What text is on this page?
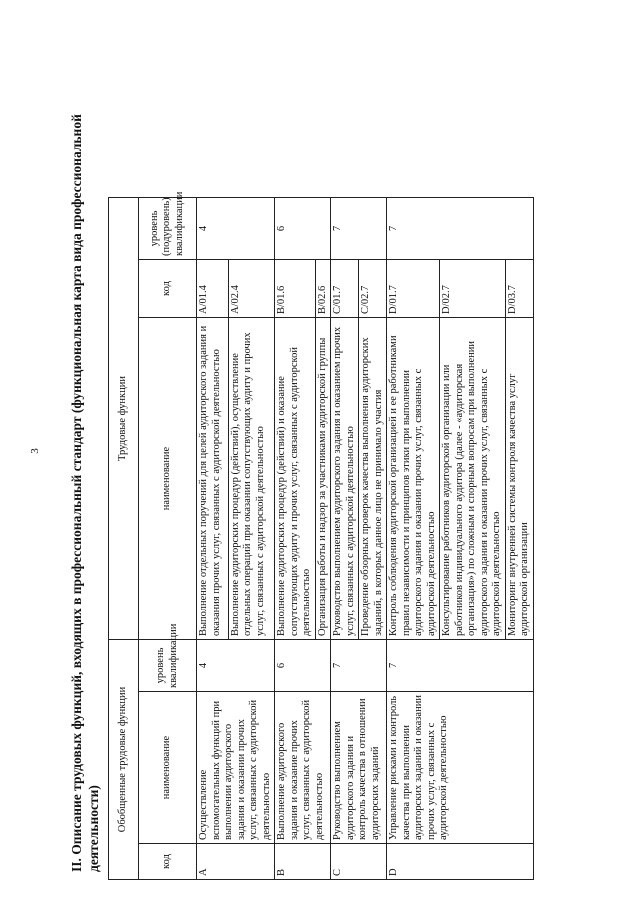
3 II. Описание трудовых функций, входящих в профессиональный стандарт (функциональная карта вида профессиональной деятельности) Обобщенные трудовые функции			Трудовые функции			
код	наименование	уровень квалификации	наименование	код	уровень (подуровень) квалификации	
A	Осуществление вспомогательных функций при выполнении аудиторского задания и оказании прочих услуг, связанных с аудиторской деятельностью	4	Выполнение отдельных поручений для целей аудиторского задания и оказания прочих услуг, связанных с аудиторской деятельностью	A/01.4	4	
			Выполнение аудиторских процедур (действий), осуществление отдельных операций при оказании сопутствующих аудиту и прочих услуг, связанных с аудиторской деятельностью	A/02.4		
B	Выполнение аудиторского задания и оказание прочих услуг, связанных с аудиторской деятельностью	6	Выполнение аудиторских процедур (действий) и оказание сопутствующих аудиту и прочих услуг, связанных с аудиторской деятельностью	B/01.6	6	
			Организация работы и надзор за участниками аудиторской группы	B/02.6		
C	Руководство выполнением аудиторского задания и контроль качества в отношении аудиторских заданий	7	Руководство выполнением аудиторского задания и оказанием прочих услуг, связанных с аудиторской деятельностью	C/01.7	7	
			Проведение обзорных проверок качества выполнения аудиторских заданий, в которых данное лицо не принимало участия	C/02.7		
D	Управление рисками и контроль качества при выполнении аудиторских заданий и оказании прочих услуг, связанных с аудиторской деятельностью	7	Контроль соблюдения аудиторской организацией и ее работниками правил независимости и принципов этики при выполнении аудиторского задания и оказании прочих услуг, связанных с аудиторской деятельностью	D/01.7	7	
			Консультирование работников аудиторской организации или работников индивидуального аудитора (далее - «аудиторская организация») по сложным и спорным вопросам при выполнении аудиторского задания и оказании прочих услуг, связанных с аудиторской деятельностью	D/02.7		
			Мониторинг внутренней системы контроля качества услуг аудиторской организации	D/03.7		
